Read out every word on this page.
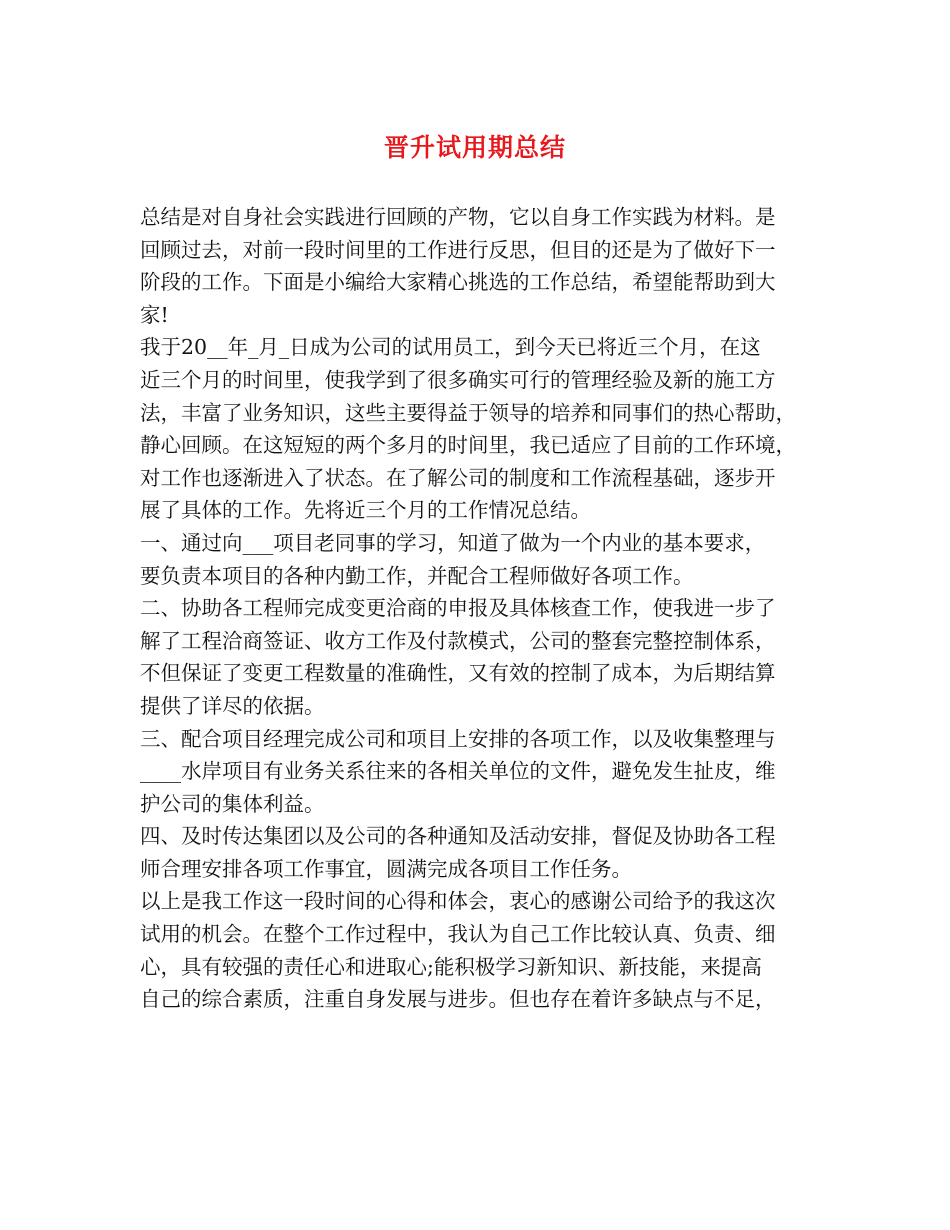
晋升试用期总结
总结是对自身社会实践进行回顾的产物，它以自身工作实践为材料。是
回顾过去，对前一段时间里的工作进行反思，但目的还是为了做好下一
阶段的工作。下面是小编给大家精心挑选的工作总结，希望能帮助到大
家!
我于20__年_月_日成为公司的试用员工，到今天已将近三个月，在这
近三个月的时间里，使我学到了很多确实可行的管理经验及新的施工方
法，丰富了业务知识，这些主要得益于领导的培养和同事们的热心帮助，
静心回顾。在这短短的两个多月的时间里，我已适应了目前的工作环境，
对工作也逐渐进入了状态。在了解公司的制度和工作流程基础，逐步开
展了具体的工作。先将近三个月的工作情况总结。
一、通过向___项目老同事的学习，知道了做为一个内业的基本要求，
要负责本项目的各种内勤工作，并配合工程师做好各项工作。
二、协助各工程师完成变更洽商的申报及具体核查工作，使我进一步了
解了工程洽商签证、收方工作及付款模式，公司的整套完整控制体系，
不但保证了变更工程数量的准确性，又有效的控制了成本，为后期结算
提供了详尽的依据。
三、配合项目经理完成公司和项目上安排的各项工作，以及收集整理与
____水岸项目有业务关系往来的各相关单位的文件，避免发生扯皮，维
护公司的集体利益。
四、及时传达集团以及公司的各种通知及活动安排，督促及协助各工程
师合理安排各项工作事宜，圆满完成各项目工作任务。
以上是我工作这一段时间的心得和体会，衷心的感谢公司给予的我这次
试用的机会。在整个工作过程中，我认为自己工作比较认真、负责、细
心，具有较强的责任心和进取心;能积极学习新知识、新技能，来提高
自己的综合素质，注重自身发展与进步。但也存在着许多缺点与不足，
